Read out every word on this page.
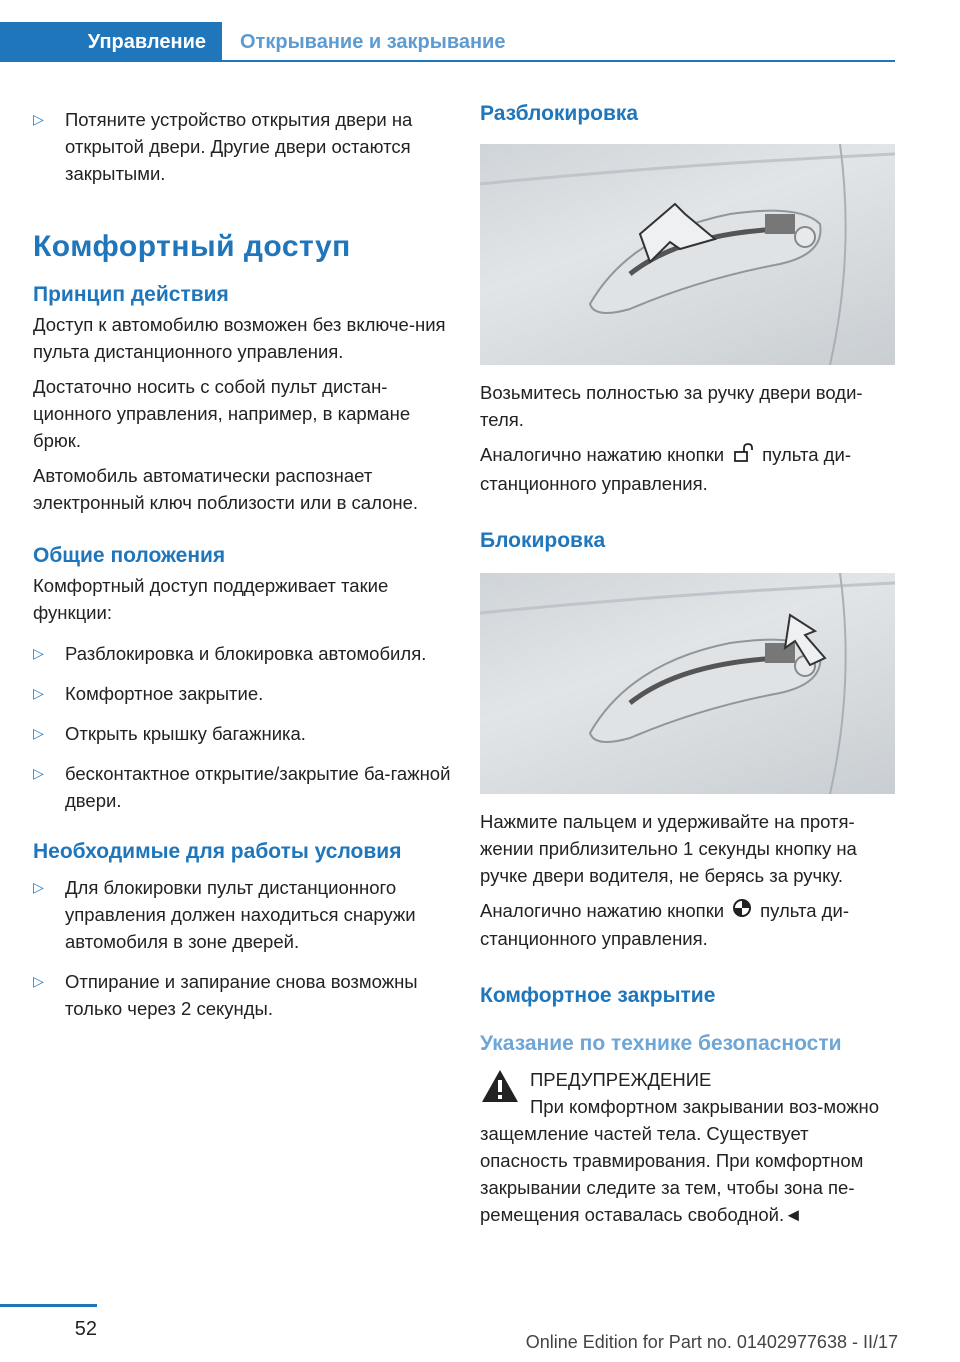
Управление	Открывание и закрывание
▷	Потяните устройство открытия двери на открытой двери. Другие двери остаются закрытыми.
Комфортный доступ
Принцип действия

Доступ к автомобилю возможен без включе-ния пульта дистанционного управления.

Достаточно носить с собой пульт дистан-ционного управления, например, в кармане брюк.

Автомобиль автоматически распознает электронный ключ поблизости или в салоне.

Общие положения

Комфортный доступ поддерживает такие функции:

▷	Разблокировка и блокировка автомобиля.
▷	Комфортное закрытие.
▷	Открыть крышку багажника.
▷	бесконтактное открытие/закрытие ба-гажной двери.
Необходимые для работы условия
▷	Для блокировки пульт дистанционного управления должен находиться снаружи автомобиля в зоне дверей.
▷	Отпирание и запирание снова возможны только через 2 секунды.
Разблокировка

Возьмитесь полностью за ручку двери води-теля.

Аналогично нажатию кнопки пульта ди-станционного управления.

Блокировка

Нажмите пальцем и удерживайте на протя-жении приблизительно 1 секунды кнопку на ручке двери водителя, не берясь за ручку.

Аналогично нажатию кнопки пульта ди-станционного управления.

Комфортное закрытие
Указание по технике безопасности

ПРЕДУПРЕЖДЕНИЕ

При комфортном закрывании воз-можно защемление частей тела. Существует опасность травмирования. При комфортном закрывании следите за тем, чтобы зона пе-ремещения оставалась свободной.◄

52
Online Edition for Part no. 01402977638 - II/17
